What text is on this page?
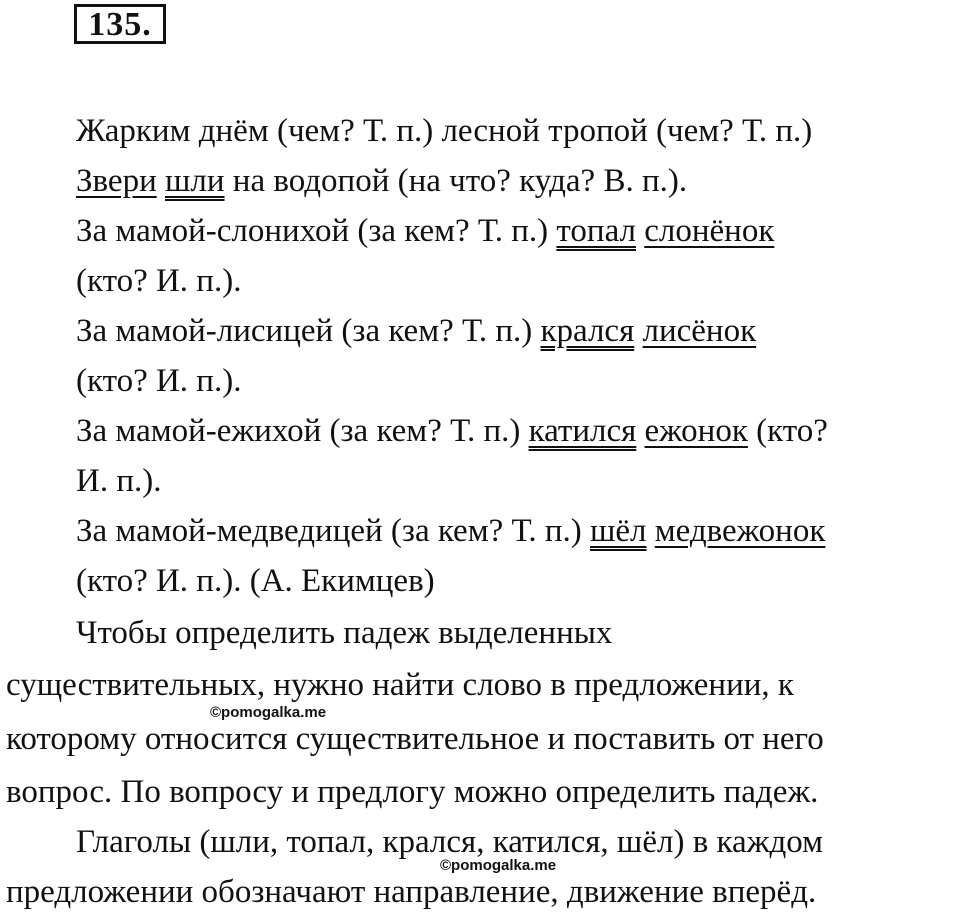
135.
Жарким днём (чем? Т. п.) лесной тропой (чем? Т. п.)
Звери шли на водопой (на что? куда? В. п.).
За мамой-слонихой (за кем? Т. п.) топал слонёнок
(кто? И. п.).
За мамой-лисицей (за кем? Т. п.) крался лисёнок
(кто? И. п.).
За мамой-ежихой (за кем? Т. п.) катился ежонок (кто?
И. п.).
За мамой-медведицей (за кем? Т. п.) шёл медвежонок
(кто? И. п.). (А. Екимцев)
Чтобы определить падеж выделенных
существительных, нужно найти слово в предложении, к
которому относится существительное и поставить от него
вопрос. По вопросу и предлогу можно определить падеж.
Глаголы (шли, топал, крался, катился, шёл) в каждом
предложении обозначают направление, движение вперёд.
©pomogalka.me
©pomogalka.me
